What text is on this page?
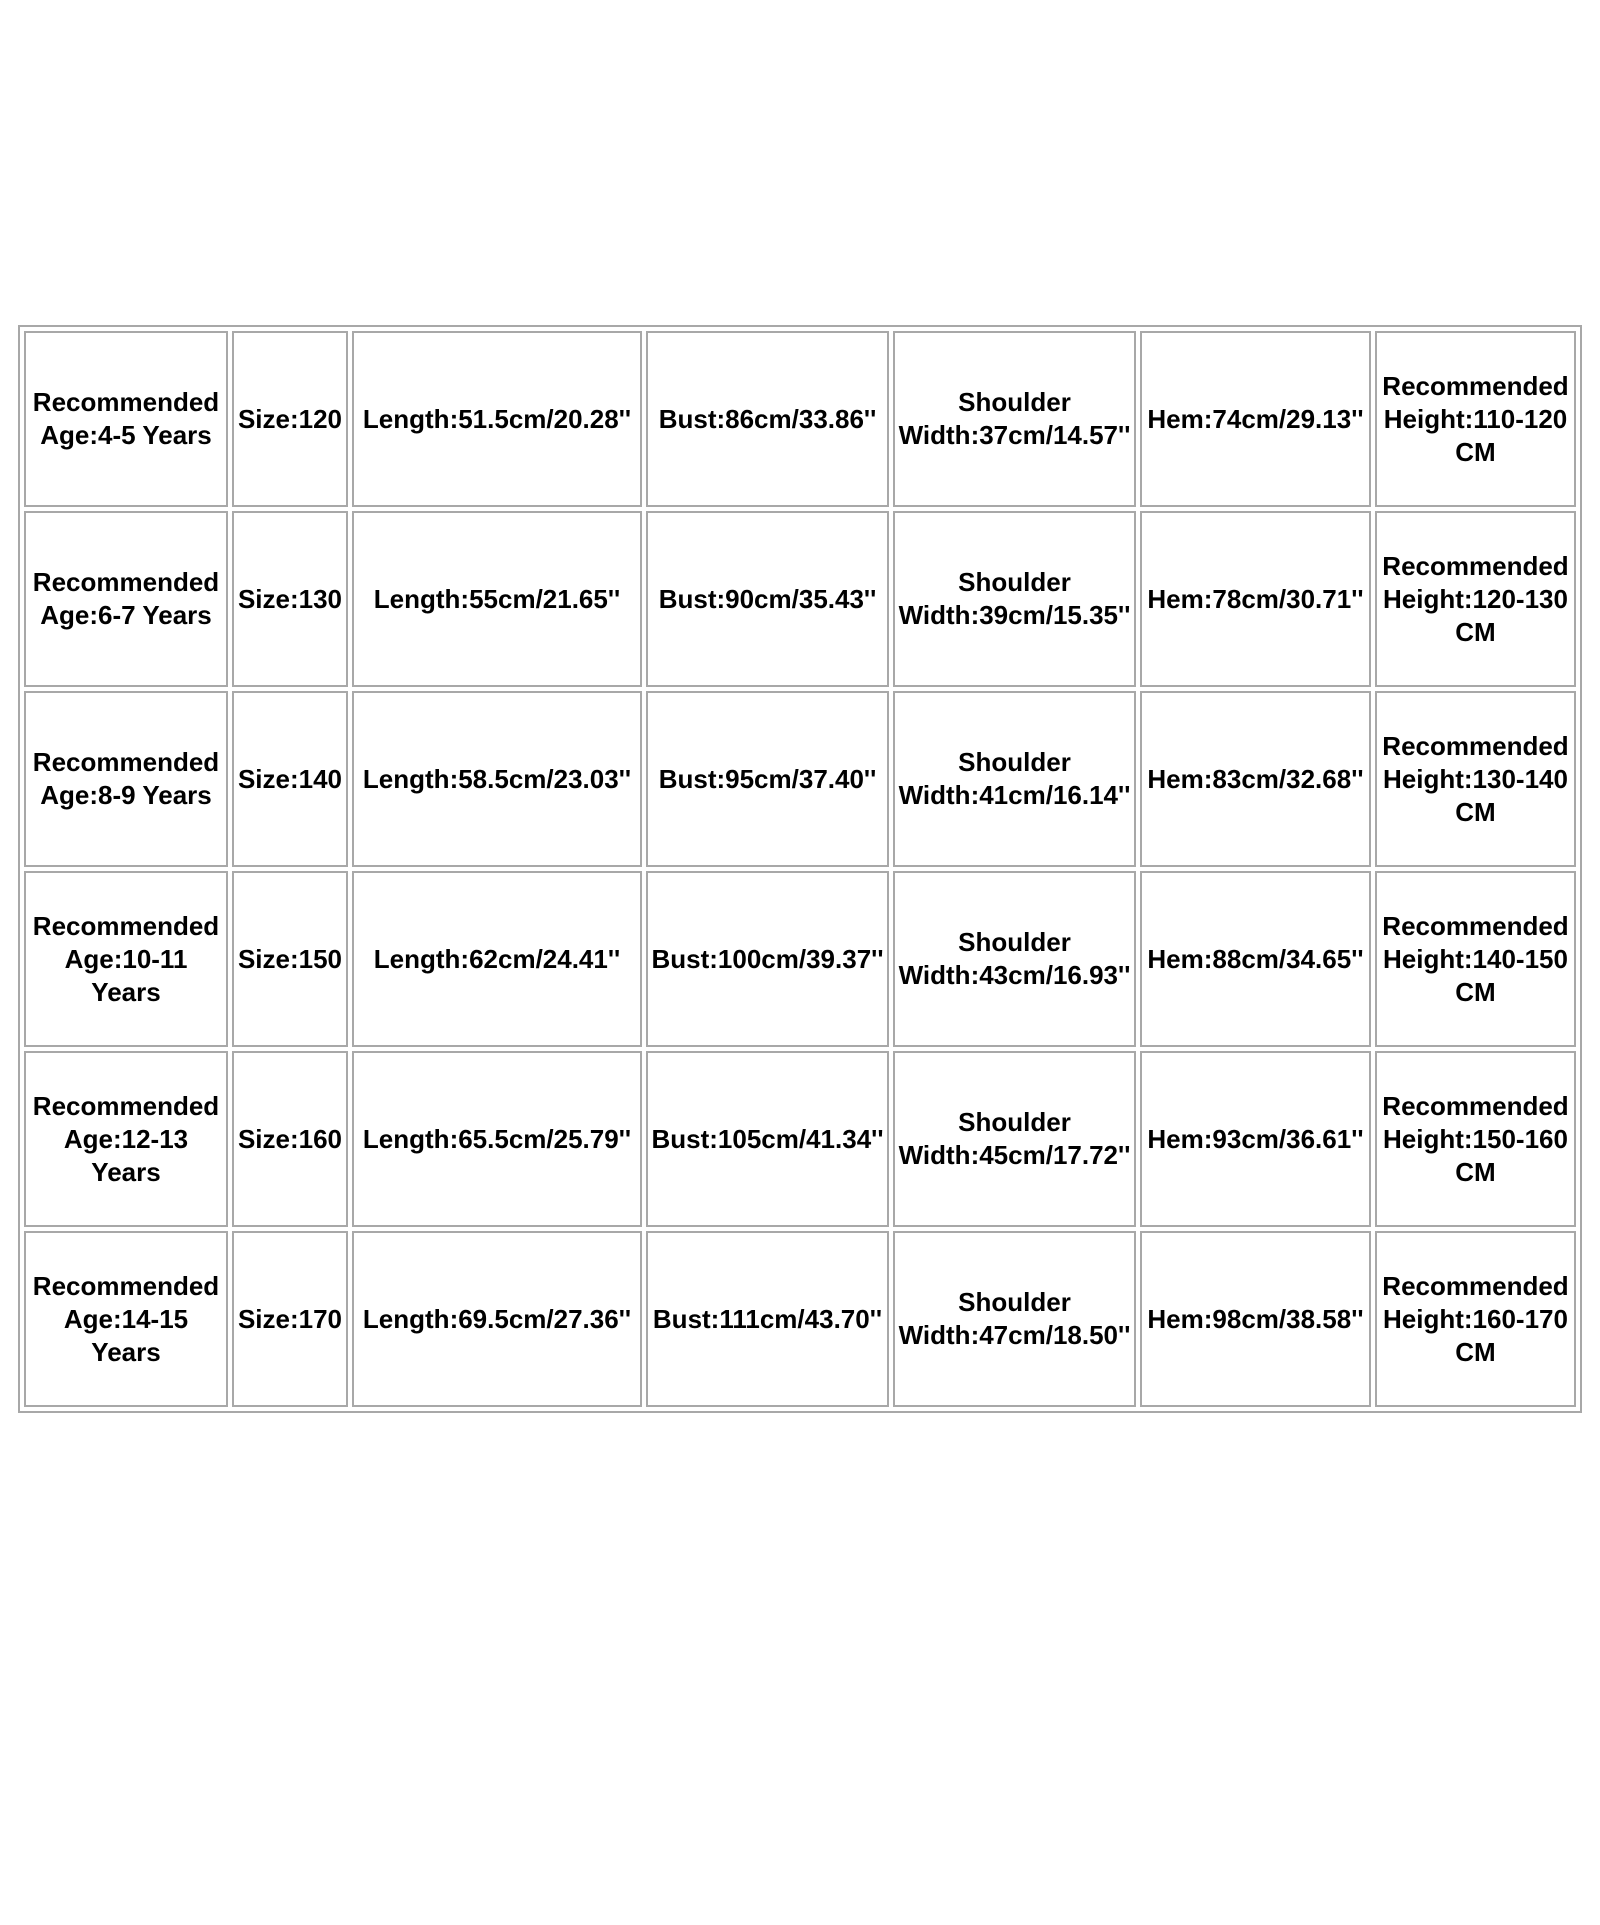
Recommended Age:4-5 Years	Size:120	Length:51.5cm/20.28''	Bust:86cm/33.86''	Shoulder Width:37cm/14.57''	Hem:74cm/29.13''	Recommended Height:110-120 CM
Recommended Age:6-7 Years	Size:130	Length:55cm/21.65''	Bust:90cm/35.43''	Shoulder Width:39cm/15.35''	Hem:78cm/30.71''	Recommended Height:120-130 CM
Recommended Age:8-9 Years	Size:140	Length:58.5cm/23.03''	Bust:95cm/37.40''	Shoulder Width:41cm/16.14''	Hem:83cm/32.68''	Recommended Height:130-140 CM
Recommended Age:10-11 Years	Size:150	Length:62cm/24.41''	Bust:100cm/39.37''	Shoulder Width:43cm/16.93''	Hem:88cm/34.65''	Recommended Height:140-150 CM
Recommended Age:12-13 Years	Size:160	Length:65.5cm/25.79''	Bust:105cm/41.34''	Shoulder Width:45cm/17.72''	Hem:93cm/36.61''	Recommended Height:150-160 CM
Recommended Age:14-15 Years	Size:170	Length:69.5cm/27.36''	Bust:111cm/43.70''	Shoulder Width:47cm/18.50''	Hem:98cm/38.58''	Recommended Height:160-170 CM
